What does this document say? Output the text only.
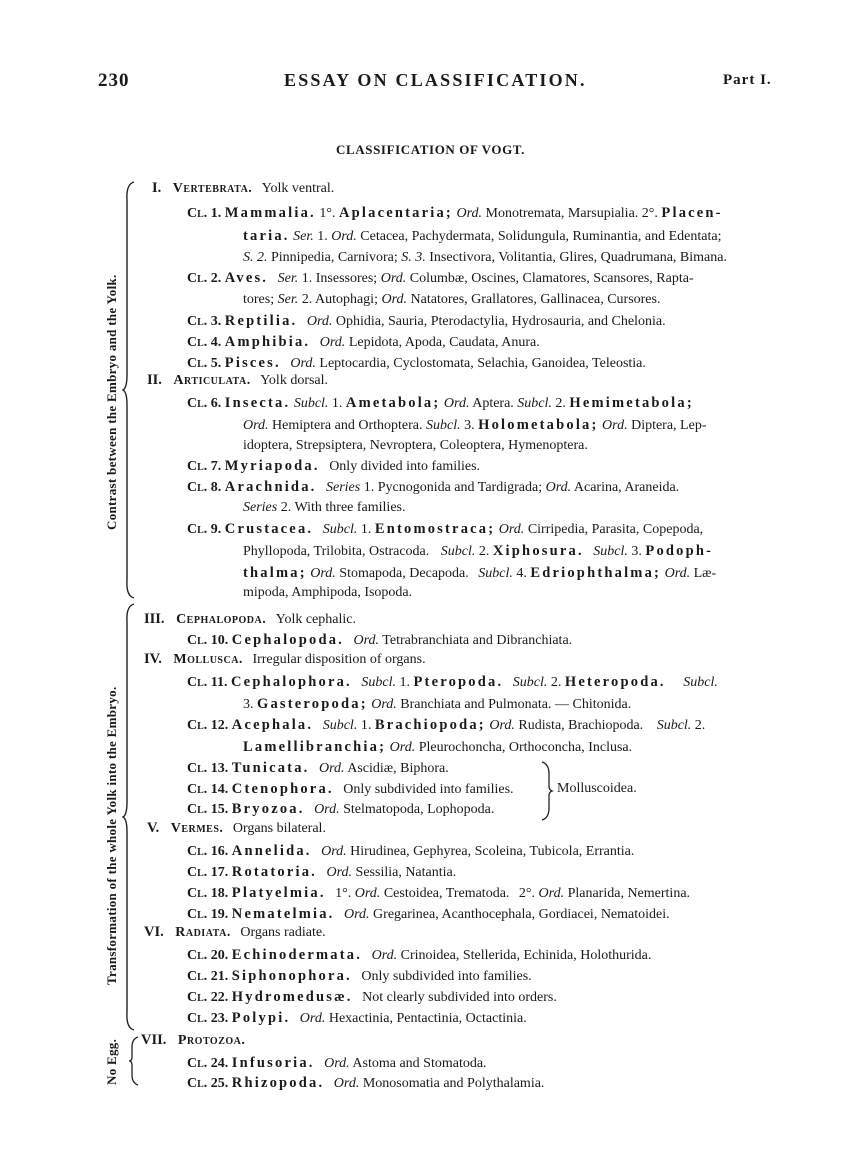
230	ESSAY ON CLASSIFICATION.	Part I.
CLASSIFICATION OF VOGT.
Contrast between the Embryo and the Yolk.
Transformation of the whole Yolk into the Embryo.
No Egg.
I. Vertebrata. Yolk ventral.
Cl. 1. Mammalia. 1°. Aplacentaria; Ord. Monotremata, Marsupialia. 2°. Placen-
taria. Ser. 1. Ord. Cetacea, Pachydermata, Solidungula, Ruminantia, and Edentata;
S. 2. Pinnipedia, Carnivora; S. 3. Insectivora, Volitantia, Glires, Quadrumana, Bimana.
Cl. 2. Aves. Ser. 1. Insessores; Ord. Columbæ, Oscines, Clamatores, Scansores, Rapta-
tores; Ser. 2. Autophagi; Ord. Natatores, Grallatores, Gallinacea, Cursores.
Cl. 3. Reptilia. Ord. Ophidia, Sauria, Pterodactylia, Hydrosauria, and Chelonia.
Cl. 4. Amphibia. Ord. Lepidota, Apoda, Caudata, Anura.
Cl. 5. Pisces. Ord. Leptocardia, Cyclostomata, Selachia, Ganoidea, Teleostia.
II. Articulata. Yolk dorsal.
Cl. 6. Insecta. Subcl. 1. Ametabola; Ord. Aptera. Subcl. 2. Hemimetabola;
Ord. Hemiptera and Orthoptera. Subcl. 3. Holometabola; Ord. Diptera, Lep-
idoptera, Strepsiptera, Nevroptera, Coleoptera, Hymenoptera.
Cl. 7. Myriapoda. Only divided into families.
Cl. 8. Arachnida. Series 1. Pycnogonida and Tardigrada; Ord. Acarina, Araneida.
Series 2. With three families.
Cl. 9. Crustacea. Subcl. 1. Entomostraca; Ord. Cirripedia, Parasita, Copepoda,
Phyllopoda, Trilobita, Ostracoda. Subcl. 2. Xiphosura. Subcl. 3. Podoph-
thalma; Ord. Stomapoda, Decapoda. Subcl. 4. Edriophthalma; Ord. Læ-
mipoda, Amphipoda, Isopoda.
III. Cephalopoda. Yolk cephalic.
Cl. 10. Cephalopoda. Ord. Tetrabranchiata and Dibranchiata.
IV. Mollusca. Irregular disposition of organs.
Cl. 11. Cephalophora. Subcl. 1. Pteropoda. Subcl. 2. Heteropoda. Subcl.
3. Gasteropoda; Ord. Branchiata and Pulmonata. — Chitonida.
Cl. 12. Acephala. Subcl. 1. Brachiopoda; Ord. Rudista, Brachiopoda. Subcl. 2.
Lamellibranchia; Ord. Pleurochoncha, Orthoconcha, Inclusa.
Cl. 13. Tunicata. Ord. Ascidiæ, Biphora.
Cl. 14. Ctenophora. Only subdivided into families.	Molluscoidea.
Cl. 15. Bryozoa. Ord. Stelmatopoda, Lophopoda.
V. Vermes. Organs bilateral.
Cl. 16. Annelida. Ord. Hirudinea, Gephyrea, Scoleina, Tubicola, Errantia.
Cl. 17. Rotatoria. Ord. Sessilia, Natantia.
Cl. 18. Platyelmia. 1°. Ord. Cestoidea, Trematoda. 2°. Ord. Planarida, Nemertina.
Cl. 19. Nematelmia. Ord. Gregarinea, Acanthocephala, Gordiacei, Nematoidei.
VI. Radiata. Organs radiate.
Cl. 20. Echinodermata. Ord. Crinoidea, Stellerida, Echinida, Holothurida.
Cl. 21. Siphonophora. Only subdivided into families.
Cl. 22. Hydromedusæ. Not clearly subdivided into orders.
Cl. 23. Polypi. Ord. Hexactinia, Pentactinia, Octactinia.
VII. Protozoa.
Cl. 24. Infusoria. Ord. Astoma and Stomatoda.
Cl. 25. Rhizopoda. Ord. Monosomatia and Polythalamia.
